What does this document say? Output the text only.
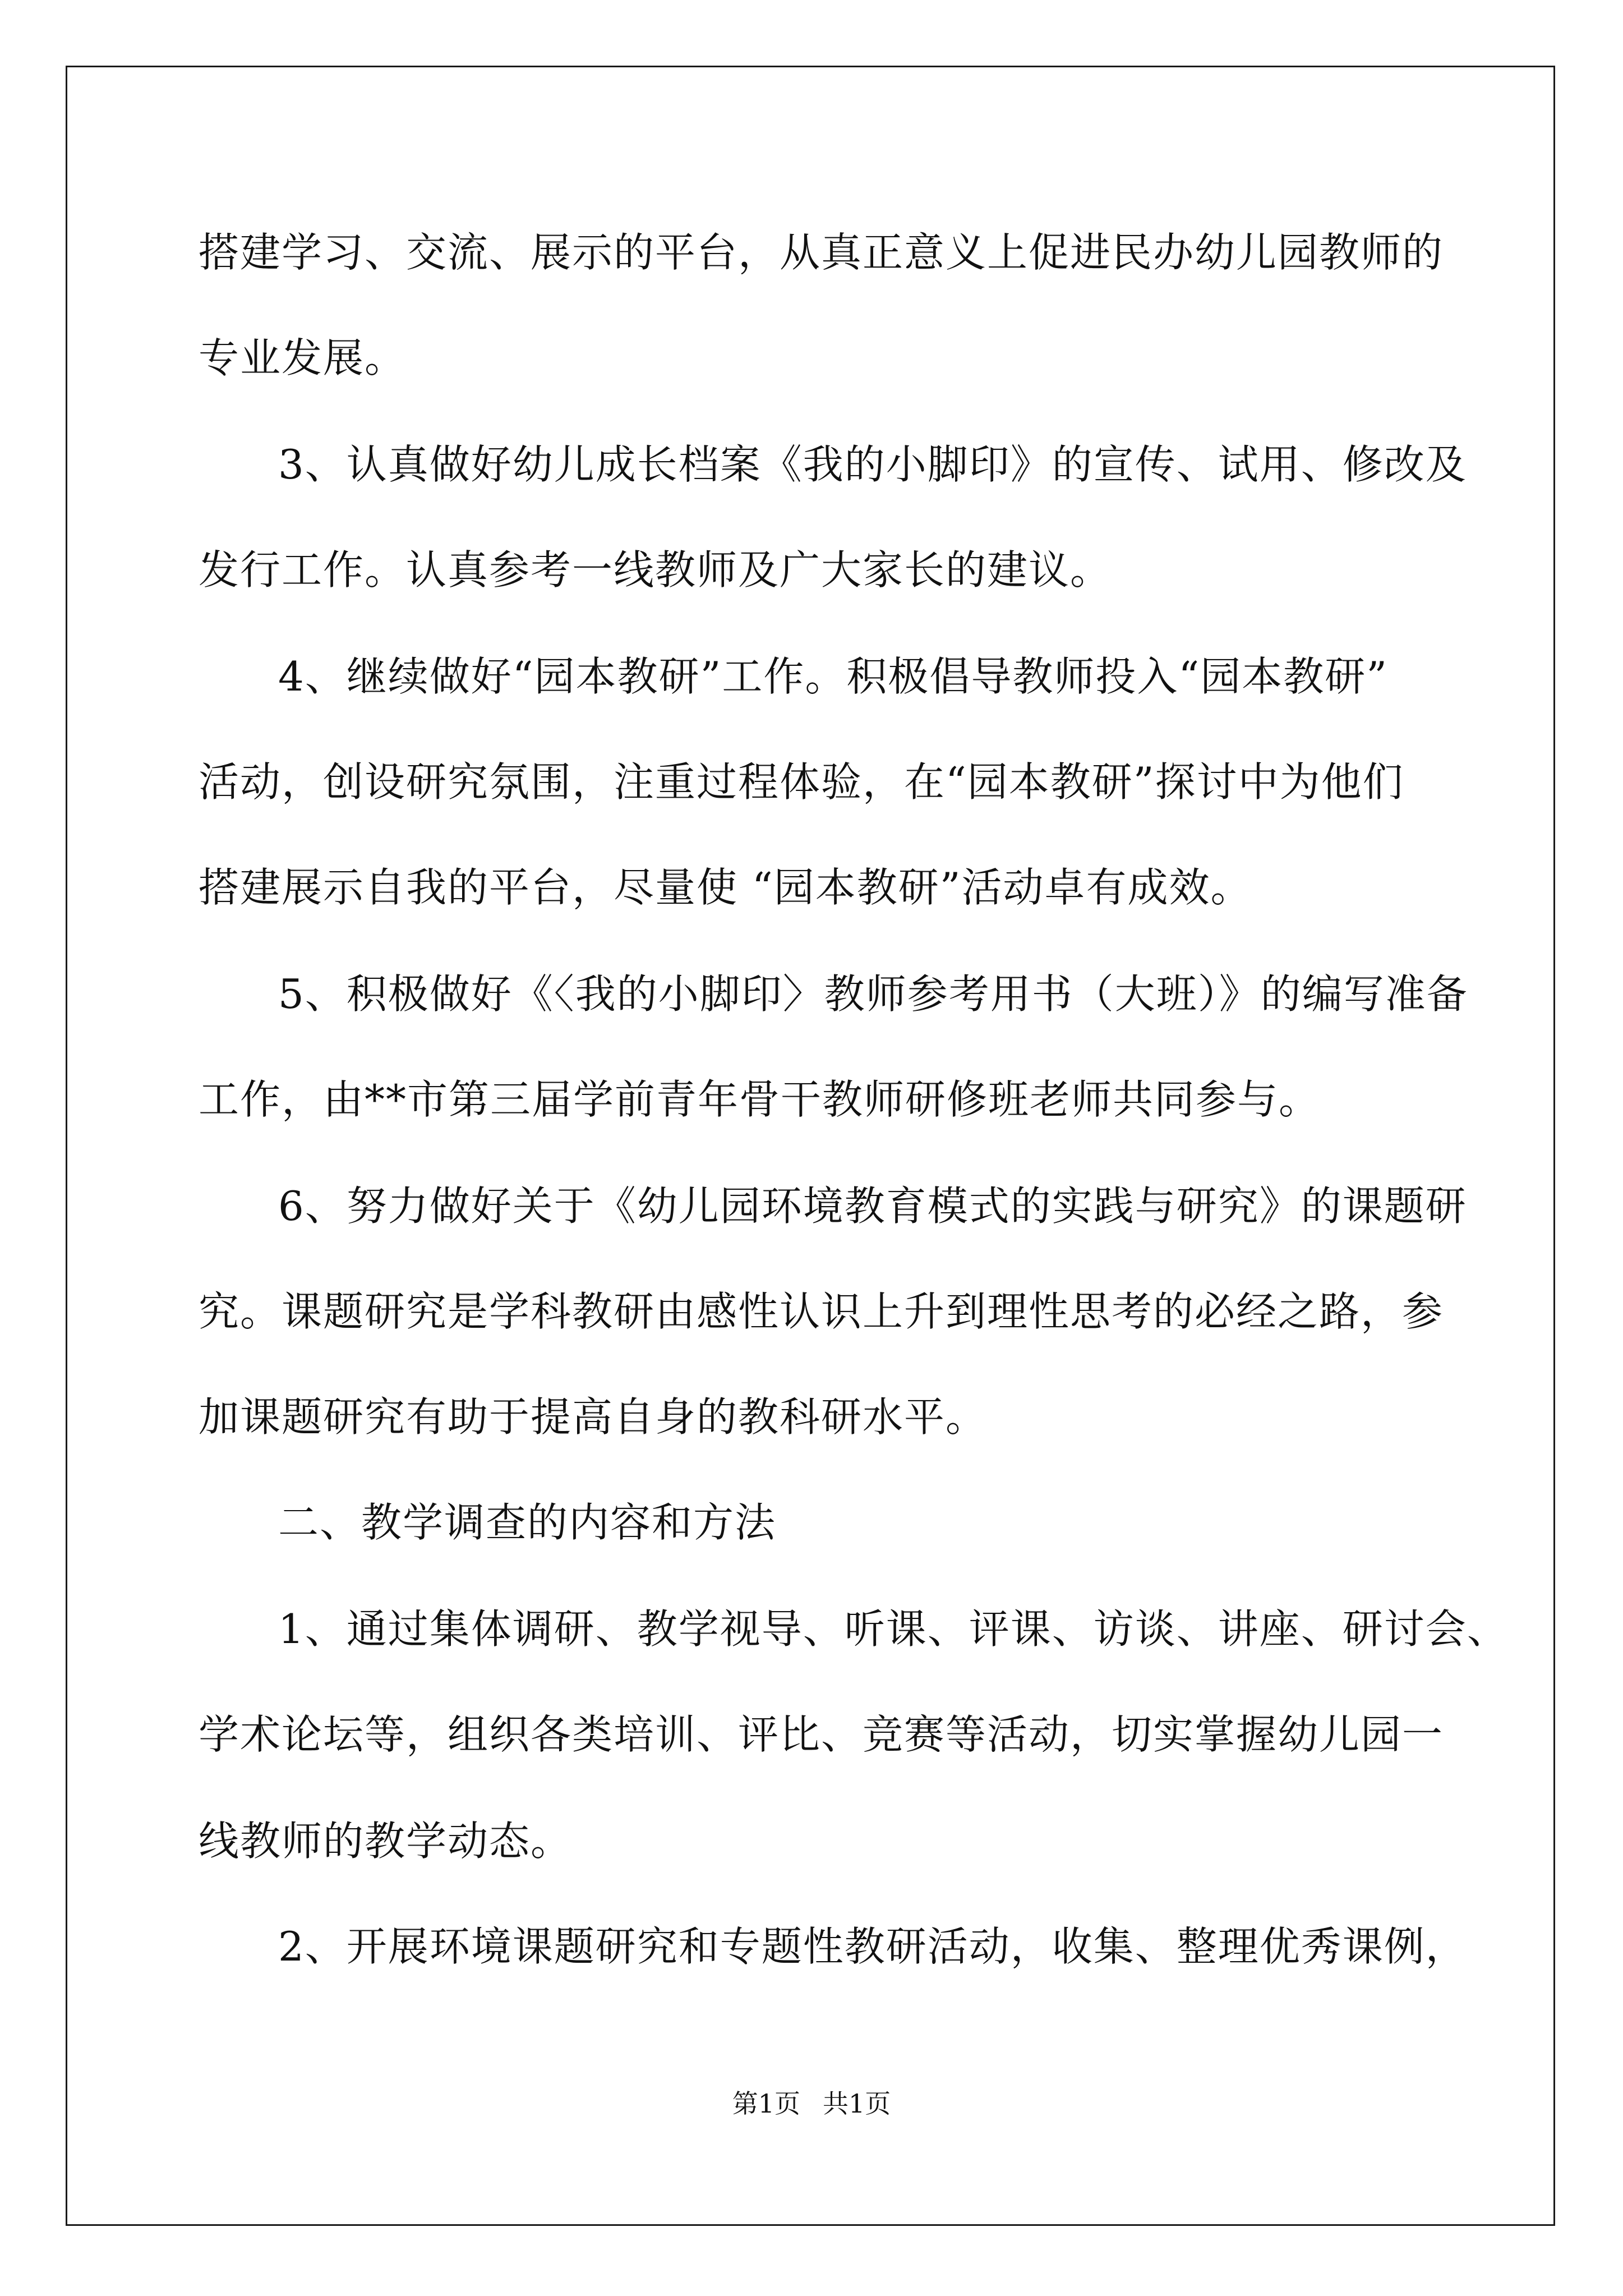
搭建学习、交流、展示的平台，从真正意义上促进民办幼儿园教师的

专业发展。

3、认真做好幼儿成长档案《我的小脚印》的宣传、试用、修改及

发行工作。认真参考一线教师及广大家长的建议。

4、继续做好“园本教研”工作。积极倡导教师投入“园本教研”

活动，创设研究氛围，注重过程体验，在“园本教研”探讨中为他们

搭建展示自我的平台，尽量使 “园本教研”活动卓有成效。

5、积极做好《〈我的小脚印〉教师参考用书（大班）》的编写准备

工作，由**市第三届学前青年骨干教师研修班老师共同参与。

6、努力做好关于《幼儿园环境教育模式的实践与研究》的课题研

究。课题研究是学科教研由感性认识上升到理性思考的必经之路，参

加课题研究有助于提高自身的教科研水平。

二、教学调查的内容和方法

1、通过集体调研、教学视导、听课、评课、访谈、讲座、研讨会、

学术论坛等，组织各类培训、评比、竞赛等活动，切实掌握幼儿园一

线教师的教学动态。

2、开展环境课题研究和专题性教研活动，收集、整理优秀课例，

第1页 共1页
